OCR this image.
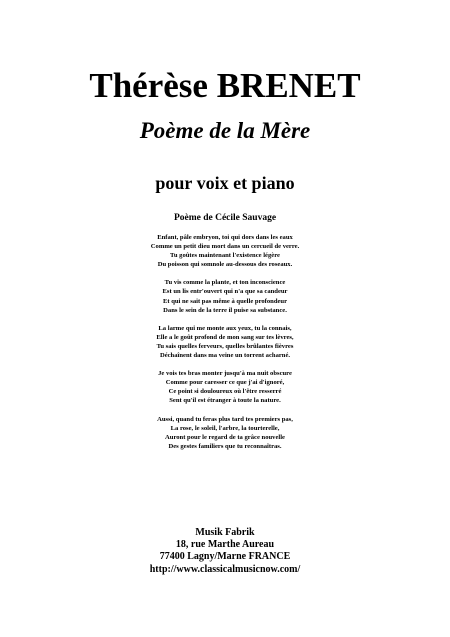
Thérèse BRENET
Poème de la Mère
pour voix et piano
Poème de Cécile Sauvage
Enfant, pâle embryon, toi qui dors dans les eaux
Comme un petit dieu mort dans un cercueil de verre.
Tu goûtes maintenant l'existence légère
Du poisson qui somnole au-dessous des roseaux.
Tu vis comme la plante, et ton inconscience
Est un lis entr'ouvert qui n'a que sa candeur
Et qui ne sait pas même à quelle profondeur
Dans le sein de la terre il puise sa substance.
La larme qui me monte aux yeux, tu la connais,
Elle a le goût profond de mon sang sur tes lèvres,
Tu sais quelles ferveurs, quelles brûlantes fièvres
Déchaînent dans ma veine un torrent acharné.
Je vois tes bras monter jusqu'à ma nuit obscure
Comme pour caresser ce que j'ai d'ignoré,
Ce point si douloureux où l'être resserré
Sent qu'il est étranger à toute la nature.
Aussi, quand tu feras plus tard tes premiers pas,
La rose, le soleil, l'arbre, la tourterelle,
Auront pour le regard de ta grâce nouvelle
Des gestes familiers que tu reconnaîtras.
Musik Fabrik
18, rue Marthe Aureau
77400 Lagny/Marne FRANCE
http://www.classicalmusicnow.com/
